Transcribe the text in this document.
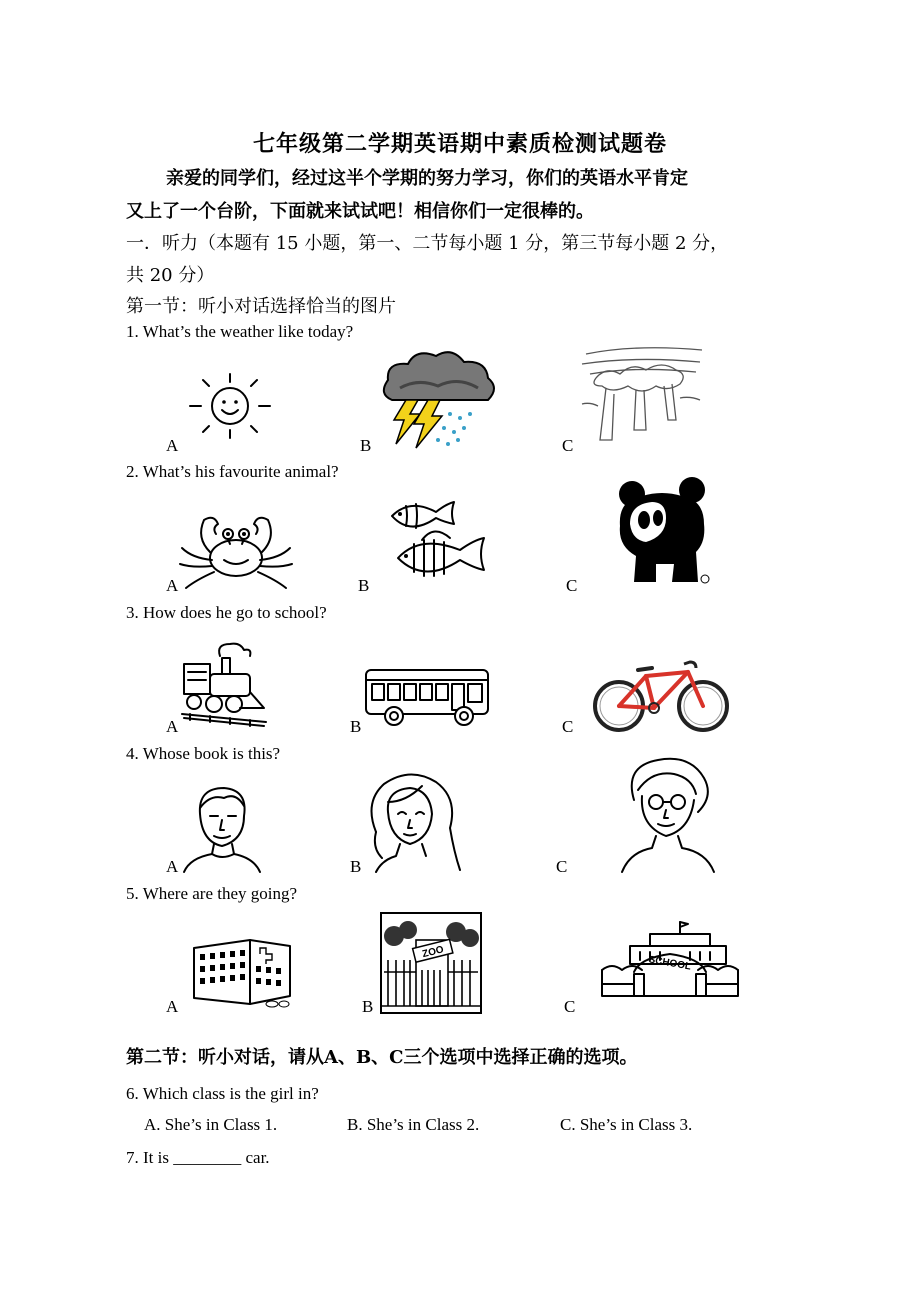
七年级第二学期英语期中素质检测试题卷
亲爱的同学们，经过这半个学期的努力学习，你们的英语水平肯定
又上了一个台阶，下面就来试试吧！相信你们一定很棒的。
一．听力（本题有 15 小题，第一、二节每小题 1 分，第三节每小题 2 分，
共 20 分）
第一节：听小对话选择恰当的图片
1. What’s the weather like today?
A	B	C
2. What’s his favourite animal?
A	B	C
3. How does he go to school?
A	B	C
4. Whose book is this?
A	B	C
5. Where are they going?
A	B	C
ZOO
SCHOOL
第二节：听小对话，请从A、B、C三个选项中选择正确的选项。
6. Which class is the girl in?
A. She’s in Class 1.	B. She’s in Class 2.	C. She’s in Class 3.
7. It is ________ car.
